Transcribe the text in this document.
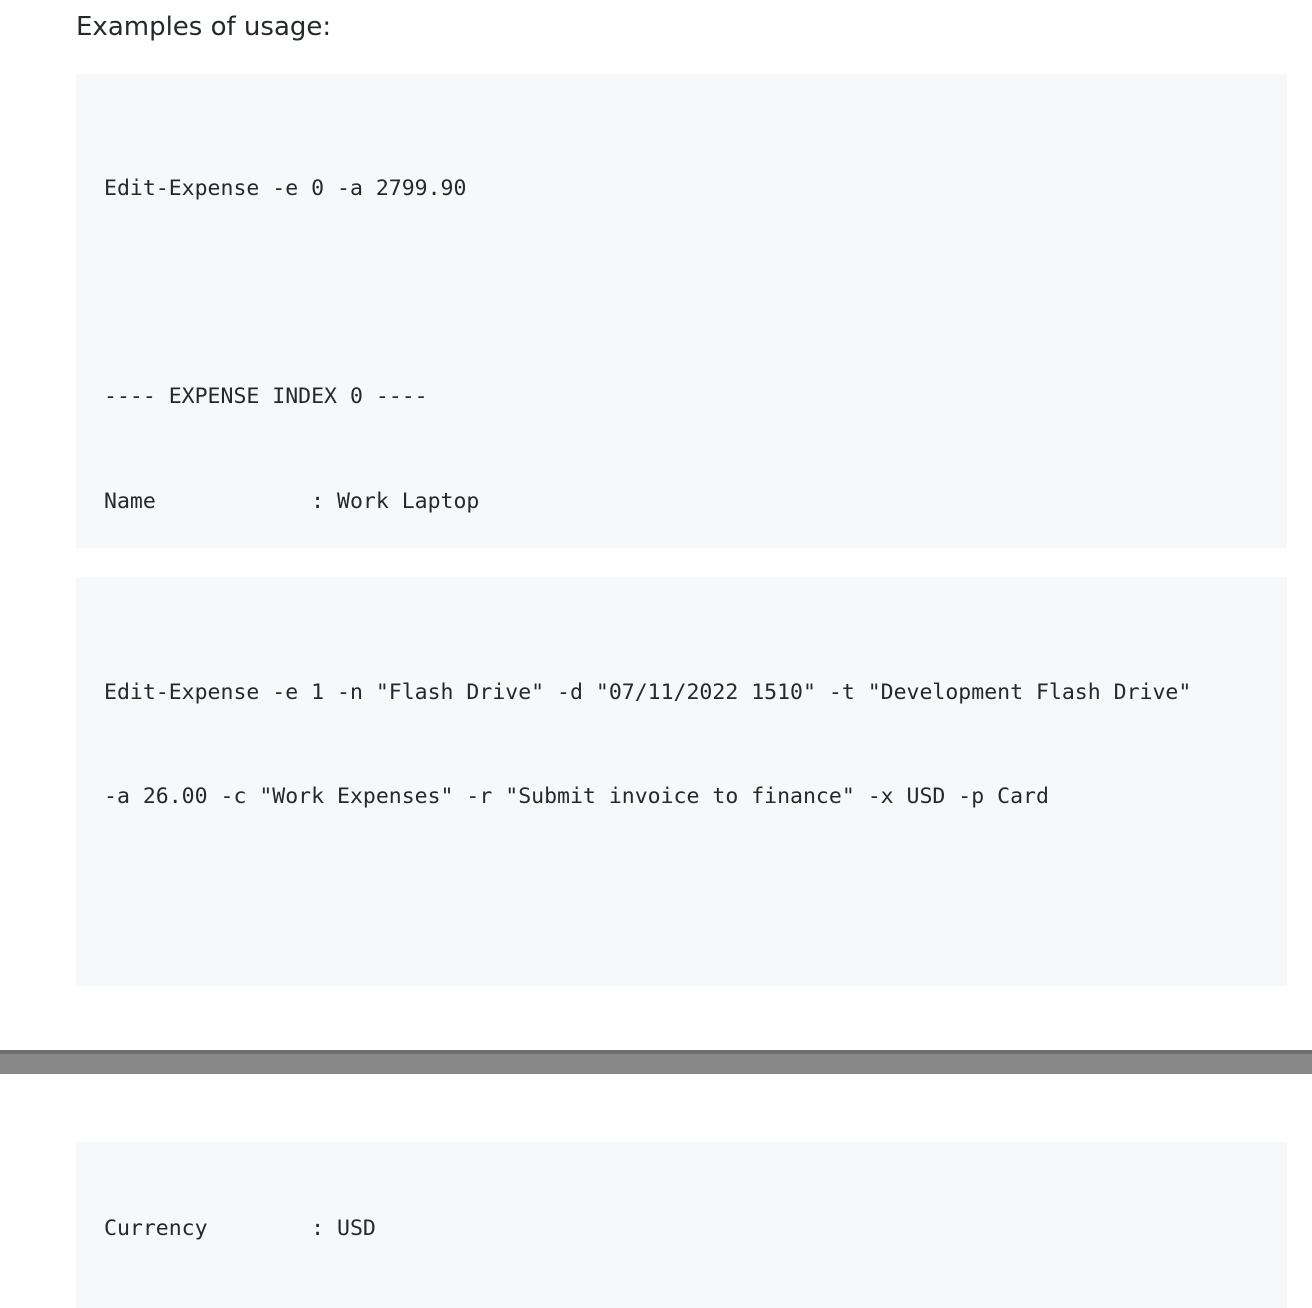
Examples of usage:

Edit-Expense -e 0 -a 2799.90

---- EXPENSE INDEX 0 ----

Name            : Work Laptop

Edit-Expense -e 1 -n "Flash Drive" -d "07/11/2022 1510" -t "Development Flash Drive"

-a 26.00 -c "Work Expenses" -r "Submit invoice to finance" -x USD -p Card

Currency        : USD
